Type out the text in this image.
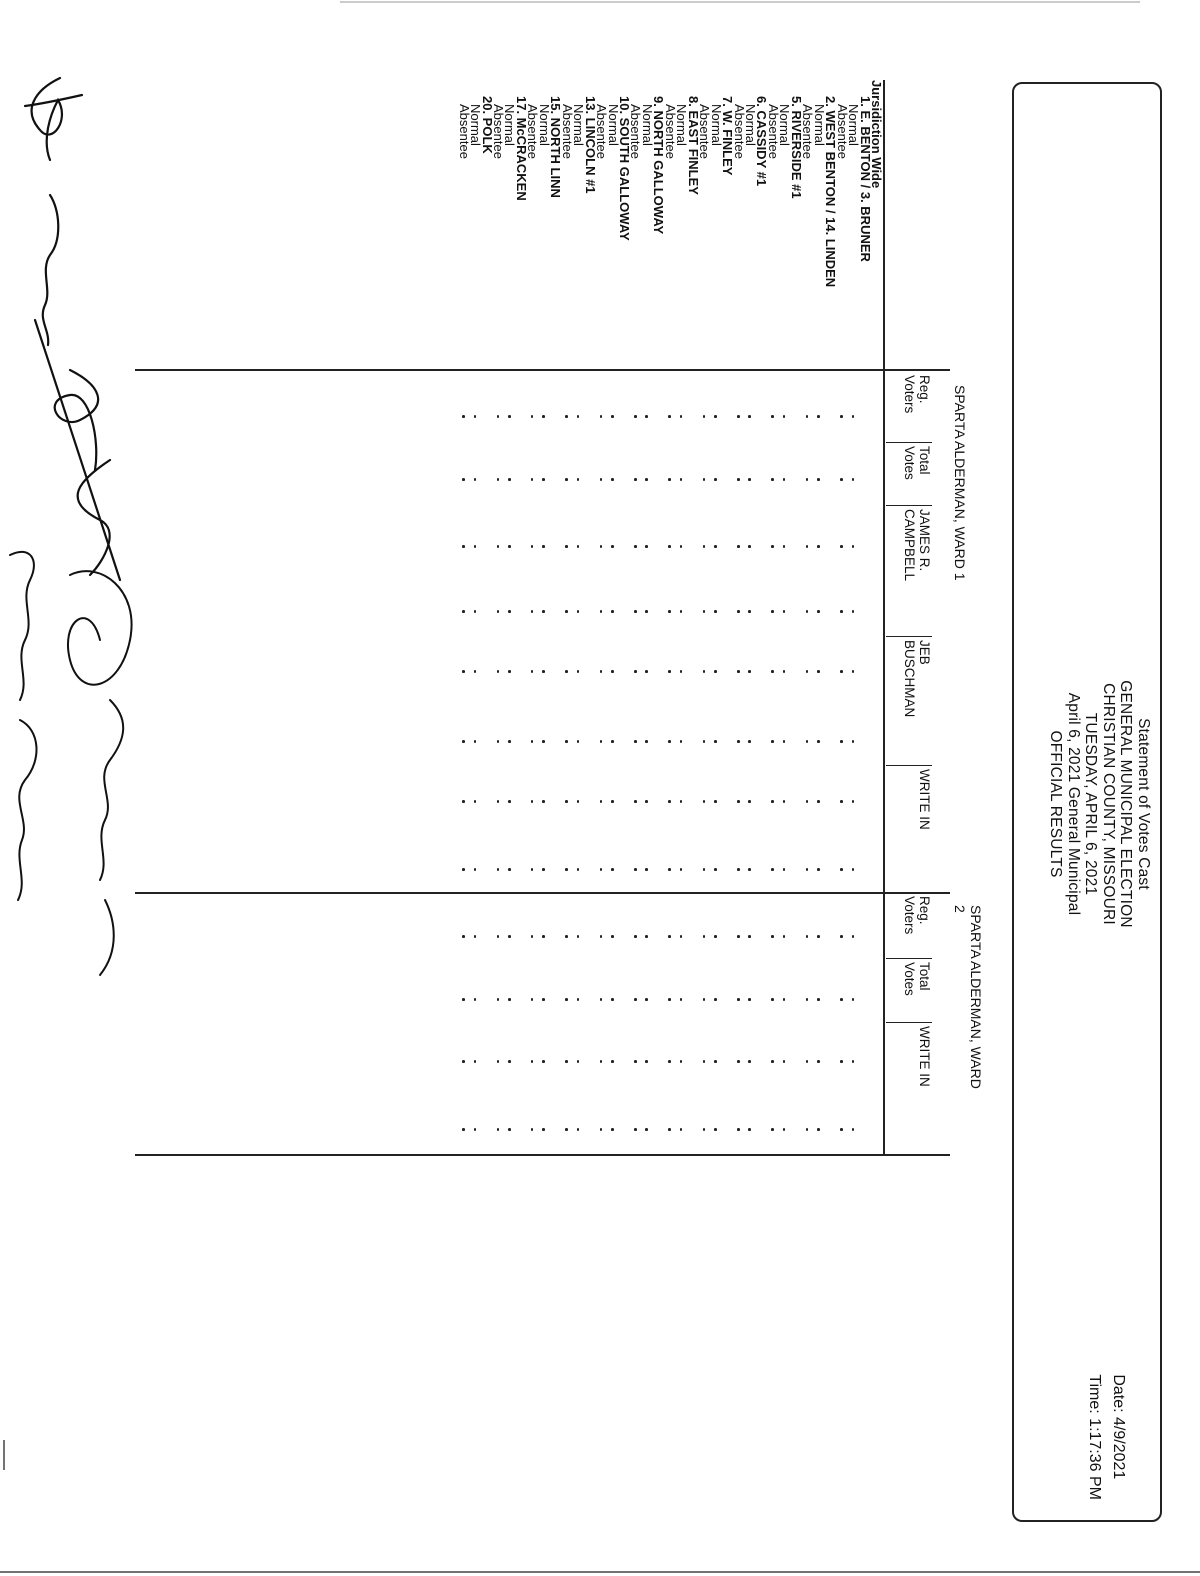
Statement of Votes Cast
GENERAL MUNICIPAL ELECTION
CHRISTIAN COUNTY, MISSOURI
TUESDAY, APRIL 6, 2021
April 6, 2021 General Municipal
OFFICIAL RESULTS
Date: 4/9/2021
Time: 1:17:36 PM
SPARTA ALDERMAN, WARD 1
SPARTA ALDERMAN, WARD
2
Reg.
Voters
Total
Votes
JAMES R.
CAMPBELL
JEB
BUSCHMAN
WRITE IN
Reg.
Voters
Total
Votes
WRITE IN
Jursidiction Wide
1. E. BENTON / 3. BRUNER
Normal
Absentee
2. WEST BENTON / 14. LINDEN
Normal
Absentee
5. RIVERSIDE #1
Normal
Absentee
6. CASSIDY #1
Normal
Absentee
7. W. FINLEY
Normal
Absentee
8. EAST FINLEY
Normal
Absentee
9. NORTH GALLOWAY
Normal
Absentee
10. SOUTH GALLOWAY
Normal
Absentee
13. LINCOLN #1
Normal
Absentee
15. NORTH LINN
Normal
Absentee
17. McCRACKEN
Normal
Absentee
20. POLK
Normal
Absentee
